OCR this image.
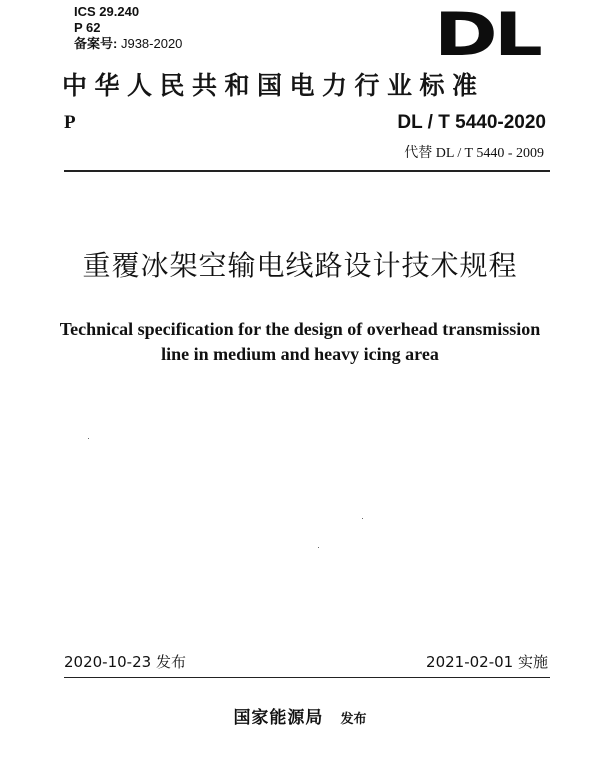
ICS 29.240
P 62
备案号: J938-2020	DL
中华人民共和国电力行业标准
P	DL / T 5440-2020
代替 DL / T 5440 - 2009
重覆冰架空输电线路设计技术规程
Technical specification for the design of overhead transmission
line in medium and heavy icing area
2020-10-23 发布	2021-02-01 实施
国家能源局 发布
